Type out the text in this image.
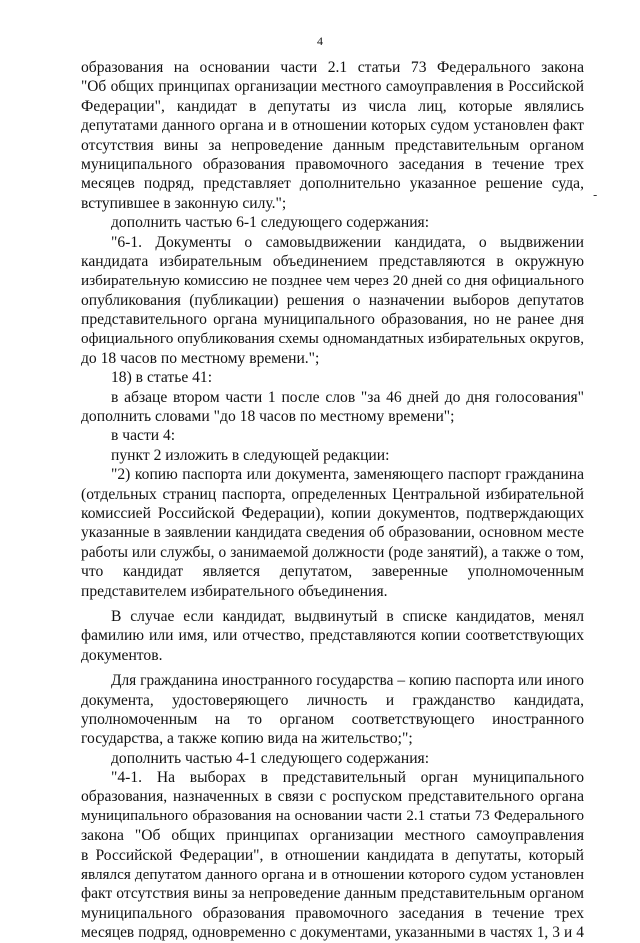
4
-
образования на основании части 2.1 статьи 73 Федерального закона
"Об общих принципах организации местного самоуправления в Российской
Федерации", кандидат в депутаты из числа лиц, которые являлись
депутатами данного органа и в отношении которых судом установлен факт
отсутствия вины за непроведение данным представительным органом
муниципального образования правомочного заседания в течение трех
месяцев подряд, представляет дополнительно указанное решение суда,
вступившее в законную силу.";
дополнить частью 6-1 следующего содержания:
"6-1. Документы о самовыдвижении кандидата, о выдвижении
кандидата избирательным объединением представляются в окружную
избирательную комиссию не позднее чем через 20 дней со дня официального
опубликования (публикации) решения о назначении выборов депутатов
представительного органа муниципального образования, но не ранее дня
официального опубликования схемы одномандатных избирательных округов,
до 18 часов по местному времени.";
18) в статье 41:
в абзаце втором части 1 после слов "за 46 дней до дня голосования"
дополнить словами "до 18 часов по местному времени";
в части 4:
пункт 2 изложить в следующей редакции:
"2) копию паспорта или документа, заменяющего паспорт гражданина
(отдельных страниц паспорта, определенных Центральной избирательной
комиссией Российской Федерации), копии документов, подтверждающих
указанные в заявлении кандидата сведения об образовании, основном месте
работы или службы, о занимаемой должности (роде занятий), а также о том,
что кандидат является депутатом, заверенные уполномоченным
представителем избирательного объединения.
В случае если кандидат, выдвинутый в списке кандидатов, менял
фамилию или имя, или отчество, представляются копии соответствующих
документов.
Для гражданина иностранного государства – копию паспорта или иного
документа, удостоверяющего личность и гражданство кандидата,
уполномоченным на то органом соответствующего иностранного
государства, а также копию вида на жительство;";
дополнить частью 4-1 следующего содержания:
"4-1. На выборах в представительный орган муниципального
образования, назначенных в связи с роспуском представительного органа
муниципального образования на основании части 2.1 статьи 73 Федерального
закона "Об общих принципах организации местного самоуправления
в Российской Федерации", в отношении кандидата в депутаты, который
являлся депутатом данного органа и в отношении которого судом установлен
факт отсутствия вины за непроведение данным представительным органом
муниципального образования правомочного заседания в течение трех
месяцев подряд, одновременно с документами, указанными в частях 1, 3 и 4
